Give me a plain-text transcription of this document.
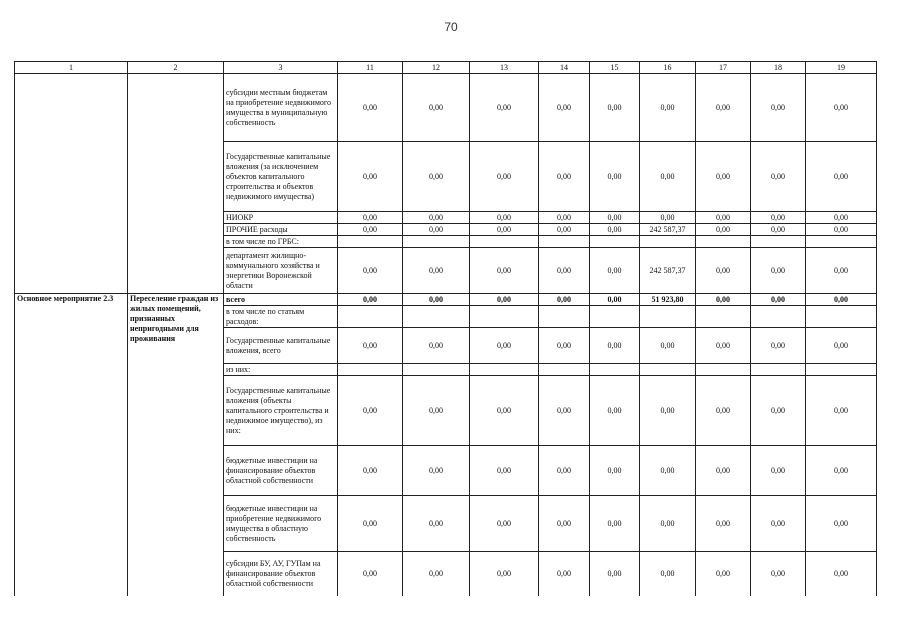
70
1	2	3	11	12	13	14	15	16	17	18	19
		субсидии местным бюджетам на приобретение недвижимого имущества в муниципальную собственность	0,00	0,00	0,00	0,00	0,00	0,00	0,00	0,00	0,00
		Государственные капитальные вложения (за исключением объектов капитального строительства и объектов недвижимого имущества)	0,00	0,00	0,00	0,00	0,00	0,00	0,00	0,00	0,00
		НИОКР	0,00	0,00	0,00	0,00	0,00	0,00	0,00	0,00	0,00
		ПРОЧИЕ расходы	0,00	0,00	0,00	0,00	0,00	242 587,37	0,00	0,00	0,00
		в том числе по ГРБС:									
		департамент жилищно-коммунального хозяйства и энергетики Воронежской области	0,00	0,00	0,00	0,00	0,00	242 587,37	0,00	0,00	0,00
Основное мероприятие 2.3	Переселение граждан из жилых помещений, признанных непригодными для проживания	всего	0,00	0,00	0,00	0,00	0,00	51 923,80	0,00	0,00	0,00
		в том числе по статьям расходов:									
		Государственные капитальные вложения, всего	0,00	0,00	0,00	0,00	0,00	0,00	0,00	0,00	0,00
		из них:									
		Государственные капитальные вложения (объекты капитального строительства и недвижимое имущество), из них:	0,00	0,00	0,00	0,00	0,00	0,00	0,00	0,00	0,00
		бюджетные инвестиции на финансирование объектов областной собственности	0,00	0,00	0,00	0,00	0,00	0,00	0,00	0,00	0,00
		бюджетные инвестиции на приобретение недвижимого имущества в областную собственность	0,00	0,00	0,00	0,00	0,00	0,00	0,00	0,00	0,00
		субсидии БУ, АУ, ГУПам на финансирование объектов областной собственности	0,00	0,00	0,00	0,00	0,00	0,00	0,00	0,00	0,00
